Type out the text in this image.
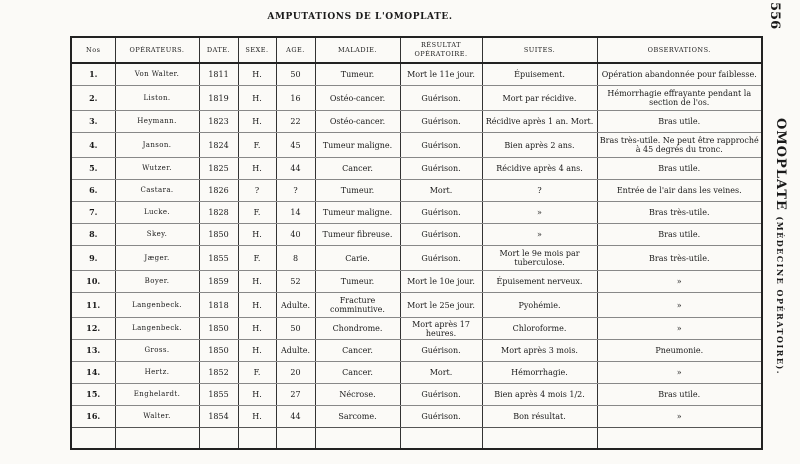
AMPUTATIONS DE L'OMOPLATE.	556
OMOPLATE (MÉDECINE OPÉRATOIRE).
Nos	OPÉRATEURS.	DATE.	SEXE.	AGE.	MALADIE.	RÉSULTAT OPÉRATOIRE.	SUITES.	OBSERVATIONS.
1.	Von Walter.	1811	H.	50	Tumeur.	Mort le 11e jour.	Épuisement.	Opération abandonnée pour faiblesse.
2.	Liston.	1819	H.	16	Ostéo-cancer.	Guérison.	Mort par récidive.	Hémorrhagie effrayante pendant la section de l'os.
3.	Heymann.	1823	H.	22	Ostéo-cancer.	Guérison.	Récidive après 1 an. Mort.	Bras utile.
4.	Janson.	1824	F.	45	Tumeur maligne.	Guérison.	Bien après 2 ans.	Bras très-utile. Ne peut être rapproché à 45 degrés du tronc.
5.	Wutzer.	1825	H.	44	Cancer.	Guérison.	Récidive après 4 ans.	Bras utile.
6.	Castara.	1826	?	?	Tumeur.	Mort.	?	Entrée de l'air dans les veines.
7.	Lucke.	1828	F.	14	Tumeur maligne.	Guérison.	»	Bras très-utile.
8.	Skey.	1850	H.	40	Tumeur fibreuse.	Guérison.	»	Bras utile.
9.	Jæger.	1855	F.	8	Carie.	Guérison.	Mort le 9e mois par tuberculose.	Bras très-utile.
10.	Boyer.	1859	H.	52	Tumeur.	Mort le 10e jour.	Épuisement nerveux.	»
11.	Langenbeck.	1818	H.	Adulte.	Fracture comminutive.	Mort le 25e jour.	Pyohémie.	»
12.	Langenbeck.	1850	H.	50	Chondrome.	Mort après 17 heures.	Chloroforme.	»
13.	Gross.	1850	H.	Adulte.	Cancer.	Guérison.	Mort après 3 mois.	Pneumonie.
14.	Hertz.	1852	F.	20	Cancer.	Mort.	Hémorrhagie.	»
15.	Enghelardt.	1855	H.	27	Nécrose.	Guérison.	Bien après 4 mois 1/2.	Bras utile.
16.	Walter.	1854	H.	44	Sarcome.	Guérison.	Bon résultat.	»
